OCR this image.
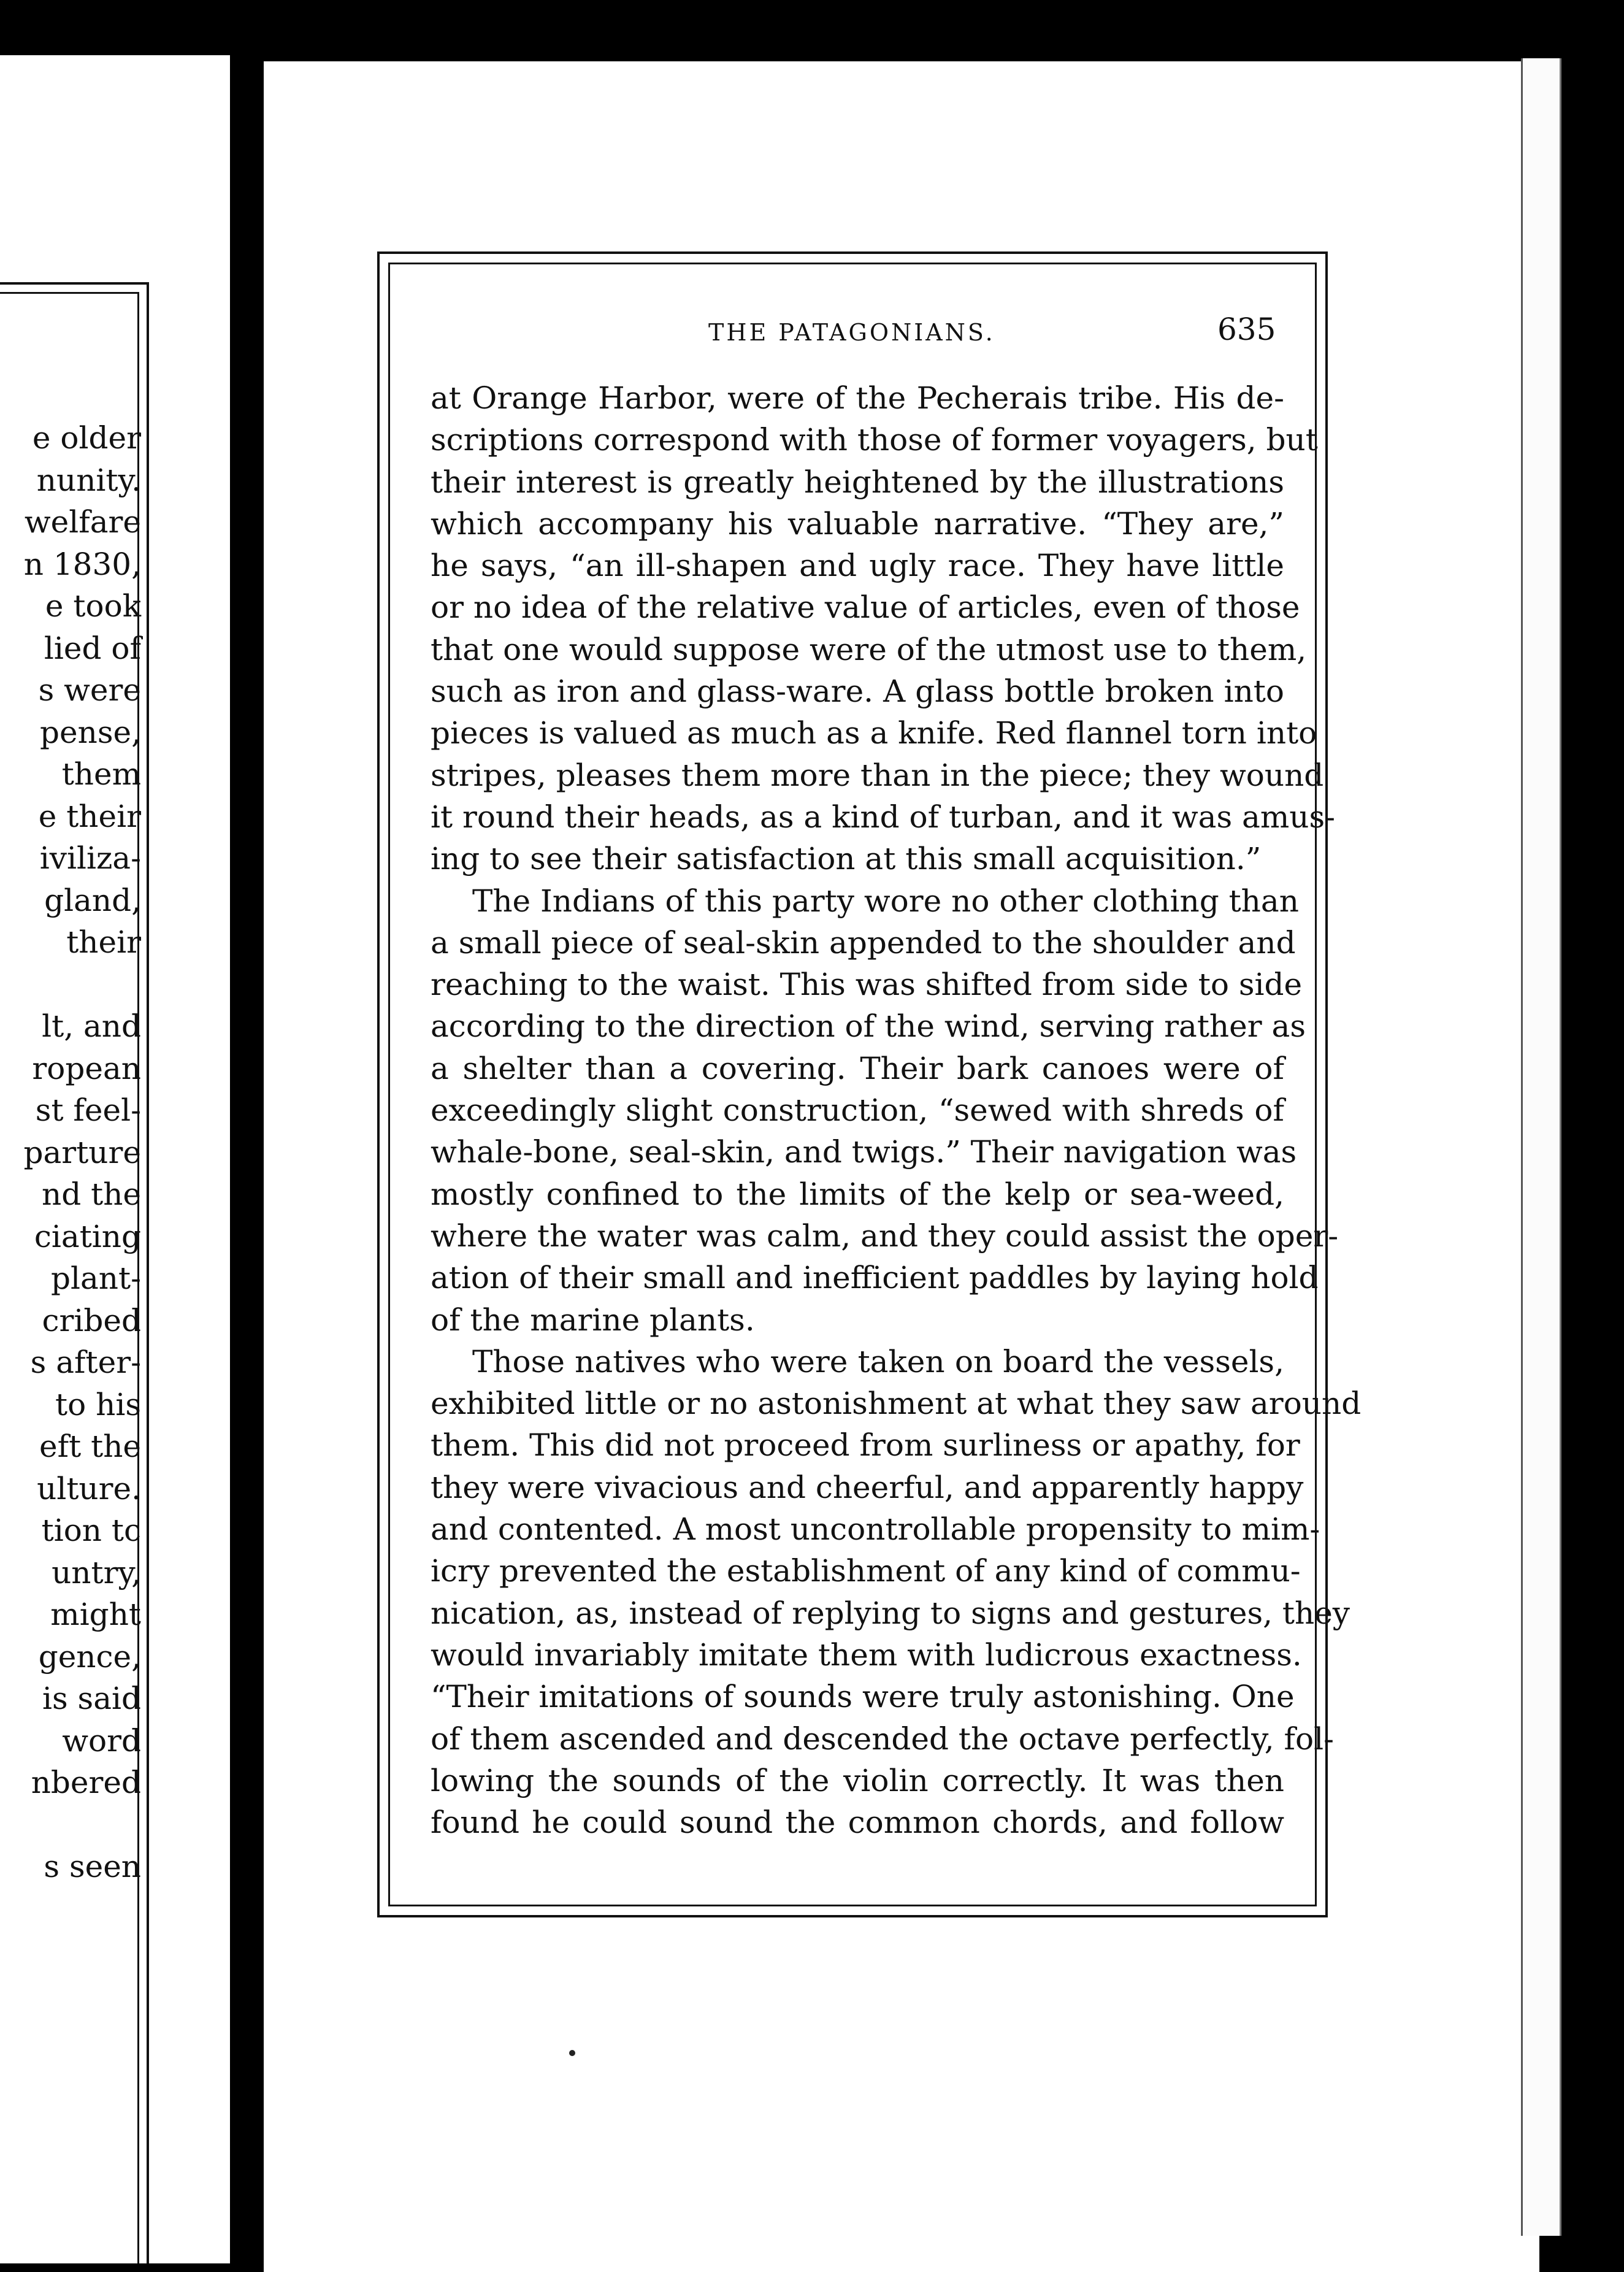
e older
nunity.
welfare
n 1830,
e took
lied of
s were
pense,
them
e their
iviliza-
gland,
their

lt, and
ropean
st feel-
parture
nd the
ciating
plant-
cribed
s after-
to his
eft the
ulture.
tion tc
untry,
might
gence,
is said
word
nbered

s seen
THE PATAGONIANS.	635
at Orange Harbor, were of the Pecherais tribe. His de-
scriptions correspond with those of former voyagers, but
their interest is greatly heightened by the illustrations
which accompany his valuable narrative. “They are,”
he says, “an ill-shapen and ugly race. They have little
or no idea of the relative value of articles, even of those
that one would suppose were of the utmost use to them,
such as iron and glass-ware. A glass bottle broken into
pieces is valued as much as a knife. Red flannel torn into
stripes, pleases them more than in the piece; they wound
it round their heads, as a kind of turban, and it was amus-
ing to see their satisfaction at this small acquisition.”
The Indians of this party wore no other clothing than
a small piece of seal-skin appended to the shoulder and
reaching to the waist. This was shifted from side to side
according to the direction of the wind, serving rather as
a shelter than a covering. Their bark canoes were of
exceedingly slight construction, “sewed with shreds of
whale-bone, seal-skin, and twigs.” Their navigation was
mostly confined to the limits of the kelp or sea-weed,
where the water was calm, and they could assist the oper-
ation of their small and inefficient paddles by laying hold
of the marine plants.
Those natives who were taken on board the vessels,
exhibited little or no astonishment at what they saw around
them. This did not proceed from surliness or apathy, for
they were vivacious and cheerful, and apparently happy
and contented. A most uncontrollable propensity to mim-
icry prevented the establishment of any kind of commu-
nication, as, instead of replying to signs and gestures, they
would invariably imitate them with ludicrous exactness.
“Their imitations of sounds were truly astonishing. One
of them ascended and descended the octave perfectly, fol-
lowing the sounds of the violin correctly. It was then
found he could sound the common chords, and follow
